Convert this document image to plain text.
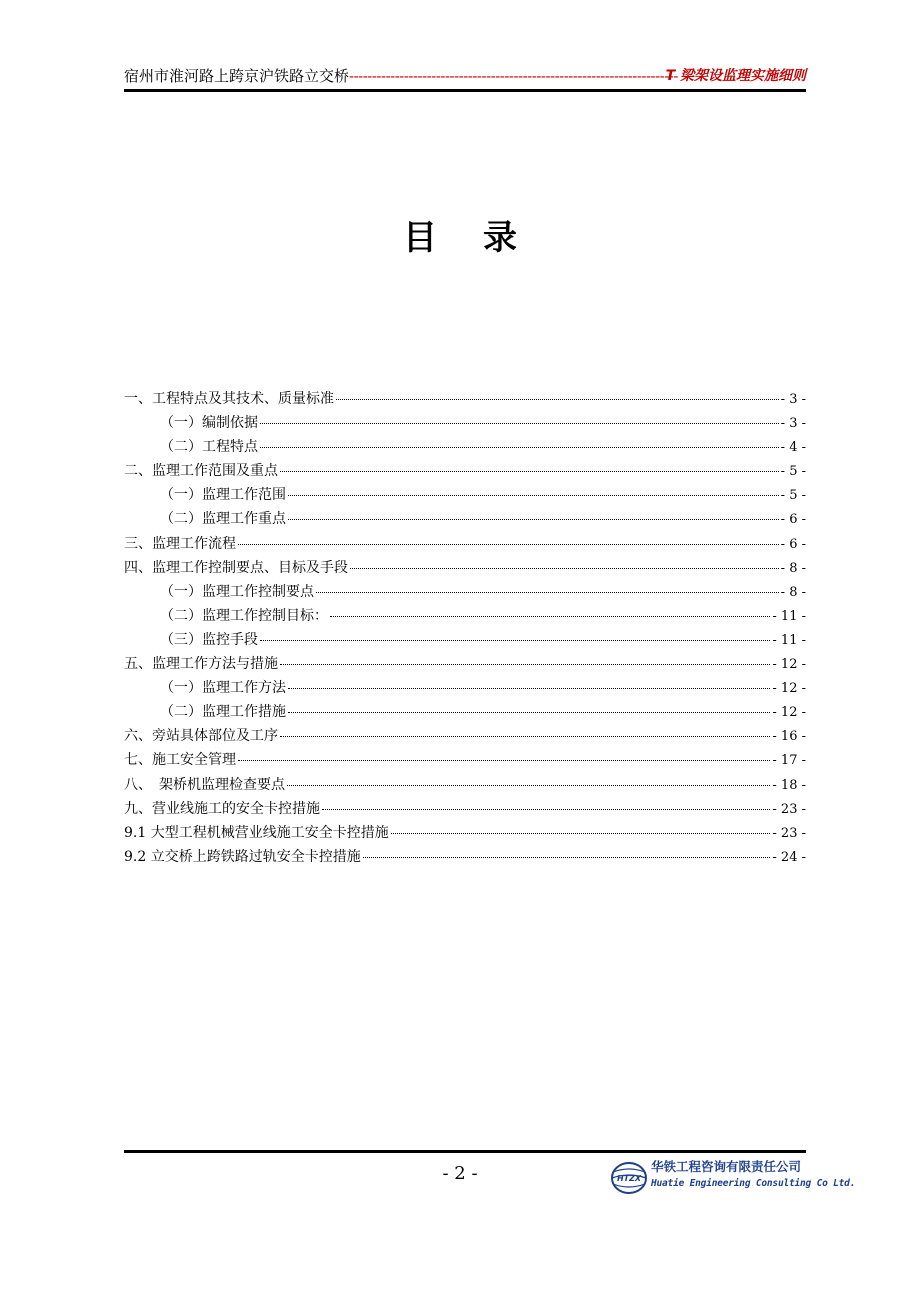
宿州市淮河路上跨京沪铁路立交桥 ------------------------------------------------------------------------
T 梁架设监理实施细则
目录
一、工程特点及其技术、质量标准	- 3 -
（一）编制依据	- 3 -
（二）工程特点	- 4 -
二、监理工作范围及重点	- 5 -
（一）监理工作范围	- 5 -
（二）监理工作重点	- 6 -
三、监理工作流程	- 6 -
四、监理工作控制要点、目标及手段	- 8 -
（一）监理工作控制要点	- 8 -
（二）监理工作控制目标：	- 11 -
（三）监控手段	- 11 -
五、监理工作方法与措施	- 12 -
（一）监理工作方法	- 12 -
（二）监理工作措施	- 12 -
六、旁站具体部位及工序	- 16 -
七、施工安全管理	- 17 -
八、　架桥机监理检查要点	- 18 -
九、营业线施工的安全卡控措施	- 23 -
9.1 大型工程机械营业线施工安全卡控措施	- 23 -
9.2 立交桥上跨铁路过轨安全卡控措施	- 24 -
- 2 -	HTZX
华铁工程咨询有限责任公司
Huatie Engineering Consulting Co Ltd.
